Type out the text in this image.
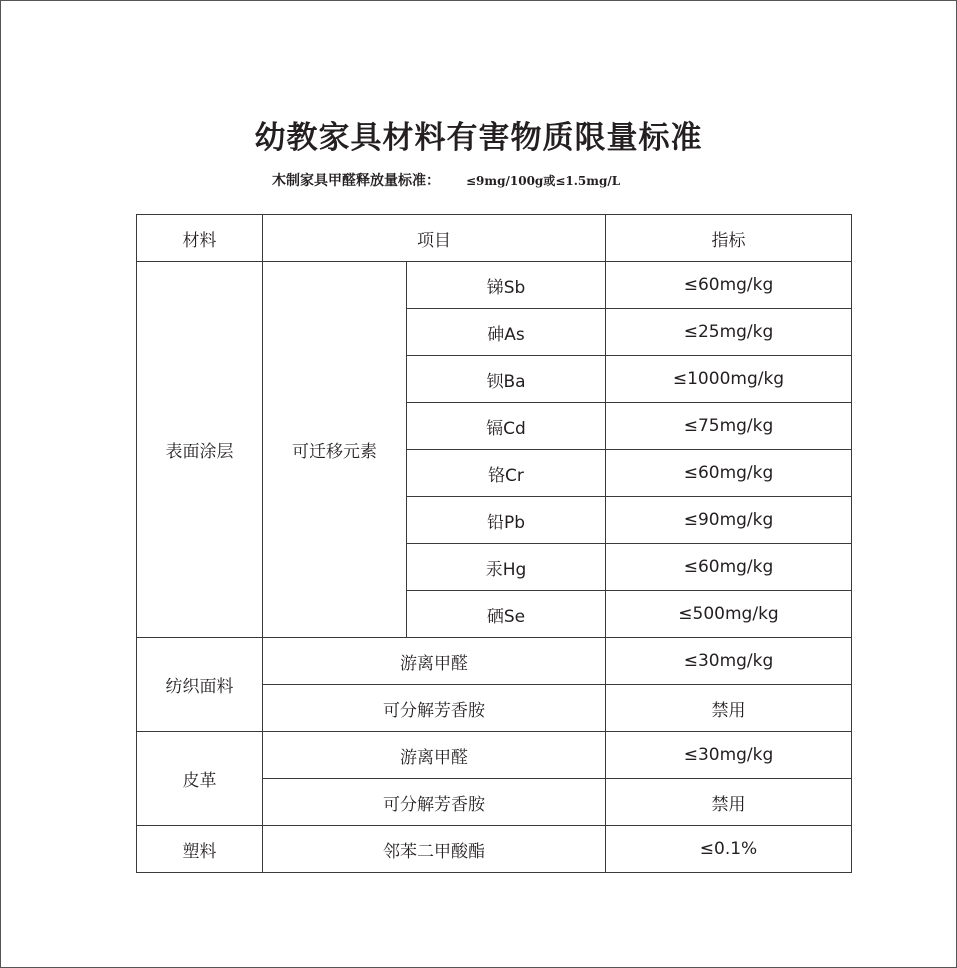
幼教家具材料有害物质限量标准
木制家具甲醛释放量标准： ≤9mg/100g或≤1.5mg/L
材料	项目		指标
表面涂层	可迁移元素	锑Sb	≤60mg/kg
		砷As	≤25mg/kg
		钡Ba	≤1000mg/kg
		镉Cd	≤75mg/kg
		铬Cr	≤60mg/kg
		铅Pb	≤90mg/kg
		汞Hg	≤60mg/kg
		硒Se	≤500mg/kg
纺织面料	游离甲醛		≤30mg/kg
	可分解芳香胺		禁用
皮革	游离甲醛		≤30mg/kg
	可分解芳香胺		禁用
塑料	邻苯二甲酸酯		≤0.1%
